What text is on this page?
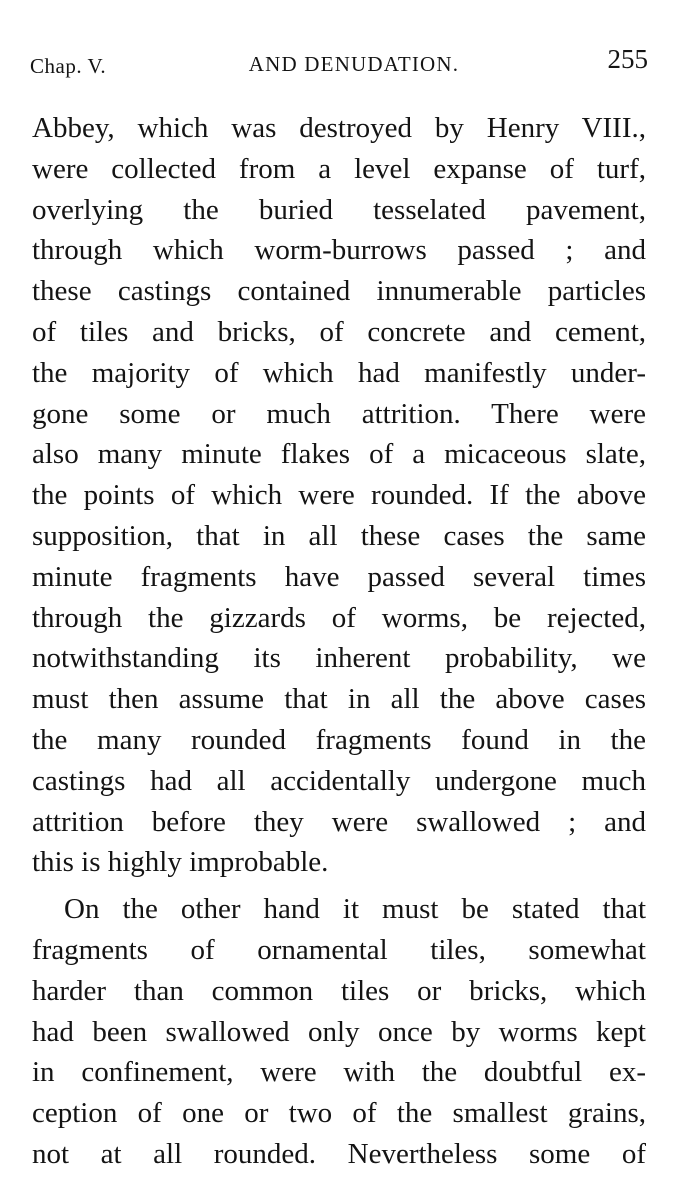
Chap. V.	AND DENUDATION.	255
Abbey, which was destroyed by Henry VIII.,
were collected from a level expanse of turf,
overlying the buried tesselated pavement,
through which worm-burrows passed ; and
these castings contained innumerable particles
of tiles and bricks, of concrete and cement,
the majority of which had manifestly under-
gone some or much attrition. There were
also many minute flakes of a micaceous slate,
the points of which were rounded. If the above
supposition, that in all these cases the same
minute fragments have passed several times
through the gizzards of worms, be rejected,
notwithstanding its inherent probability, we
must then assume that in all the above cases
the many rounded fragments found in the
castings had all accidentally undergone much
attrition before they were swallowed ; and
this is highly improbable.
On the other hand it must be stated that
fragments of ornamental tiles, somewhat
harder than common tiles or bricks, which
had been swallowed only once by worms kept
in confinement, were with the doubtful ex-
ception of one or two of the smallest grains,
not at all rounded. Nevertheless some of
